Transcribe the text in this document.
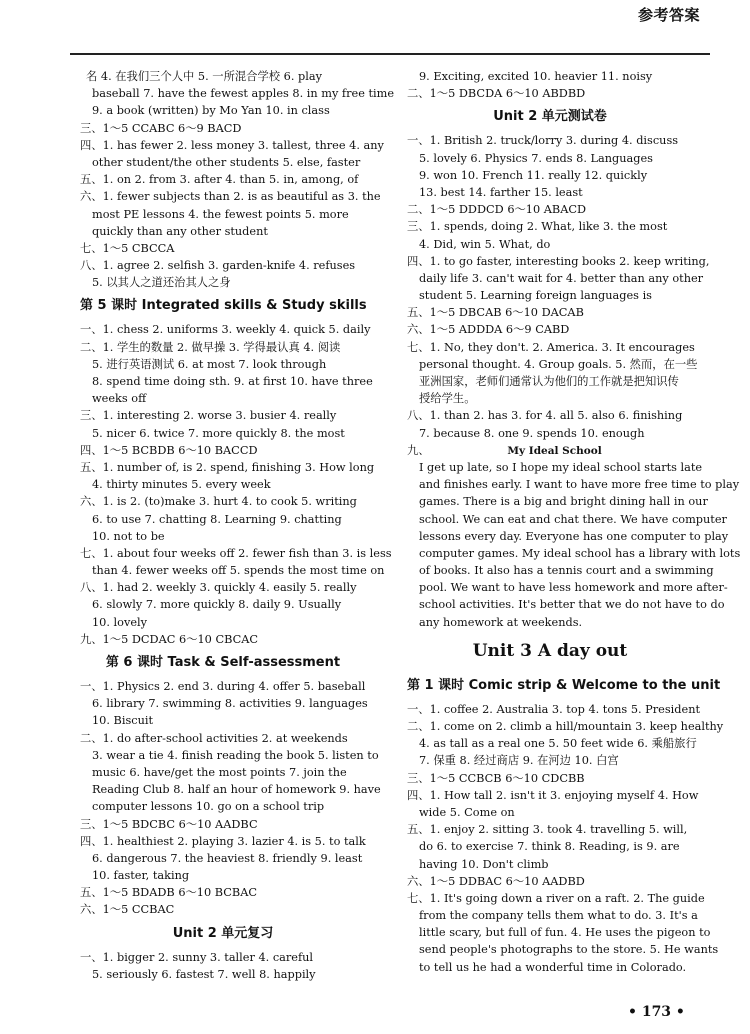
参考答案
名 4. 在我们三个人中 5. 一所混合学校 6. play
baseball 7. have the fewest apples 8. in my free time
9. a book (written) by Mo Yan 10. in class
三、1～5 CCABC 6～9 BACD
四、1. has fewer 2. less money 3. tallest, three 4. any
other student/the other students 5. else, faster
五、1. on 2. from 3. after 4. than 5. in, among, of
六、1. fewer subjects than 2. is as beautiful as 3. the
most PE lessons 4. the fewest points 5. more
quickly than any other student
七、1～5 CBCCA
八、1. agree 2. selfish 3. garden-knife 4. refuses
5. 以其人之道还治其人之身
第 5 课时 Integrated skills & Study skills
一、1. chess 2. uniforms 3. weekly 4. quick 5. daily
二、1. 学生的数量 2. 做早操 3. 学得最认真 4. 阅读
5. 进行英语测试 6. at most 7. look through
8. spend time doing sth. 9. at first 10. have three
weeks off
三、1. interesting 2. worse 3. busier 4. really
5. nicer 6. twice 7. more quickly 8. the most
四、1～5 BCBDB 6～10 BACCD
五、1. number of, is 2. spend, finishing 3. How long
4. thirty minutes 5. every week
六、1. is 2. (to)make 3. hurt 4. to cook 5. writing
6. to use 7. chatting 8. Learning 9. chatting
10. not to be
七、1. about four weeks off 2. fewer fish than 3. is less
than 4. fewer weeks off 5. spends the most time on
八、1. had 2. weekly 3. quickly 4. easily 5. really
6. slowly 7. more quickly 8. daily 9. Usually
10. lovely
九、1～5 DCDAC 6～10 CBCAC
第 6 课时 Task & Self-assessment
一、1. Physics 2. end 3. during 4. offer 5. baseball
6. library 7. swimming 8. activities 9. languages
10. Biscuit
二、1. do after-school activities 2. at weekends
3. wear a tie 4. finish reading the book 5. listen to
music 6. have/get the most points 7. join the
Reading Club 8. half an hour of homework 9. have
computer lessons 10. go on a school trip
三、1～5 BDCBC 6～10 AADBC
四、1. healthiest 2. playing 3. lazier 4. is 5. to talk
6. dangerous 7. the heaviest 8. friendly 9. least
10. faster, taking
五、1～5 BDADB 6～10 BCBAC
六、1～5 CCBAC
Unit 2 单元复习
一、1. bigger 2. sunny 3. taller 4. careful
5. seriously 6. fastest 7. well 8. happily
9. Exciting, excited 10. heavier 11. noisy
二、1～5 DBCDA 6～10 ABDBD
Unit 2 单元测试卷
一、1. British 2. truck/lorry 3. during 4. discuss
5. lovely 6. Physics 7. ends 8. Languages
9. won 10. French 11. really 12. quickly
13. best 14. farther 15. least
二、1～5 DDDCD 6～10 ABACD
三、1. spends, doing 2. What, like 3. the most
4. Did, win 5. What, do
四、1. to go faster, interesting books 2. keep writing,
daily life 3. can't wait for 4. better than any other
student 5. Learning foreign languages is
五、1～5 DBCAB 6～10 DACAB
六、1～5 ADDDA 6～9 CABD
七、1. No, they don't. 2. America. 3. It encourages
personal thought. 4. Group goals. 5. 然而，在一些
亚洲国家，老师们通常认为他们的工作就是把知识传
授给学生。
八、1. than 2. has 3. for 4. all 5. also 6. finishing
7. because 8. one 9. spends 10. enough
九、	My Ideal School
I get up late, so I hope my ideal school starts late
and finishes early. I want to have more free time to play
games. There is a big and bright dining hall in our
school. We can eat and chat there. We have computer
lessons every day. Everyone has one computer to play
computer games. My ideal school has a library with lots
of books. It also has a tennis court and a swimming
pool. We want to have less homework and more after-
school activities. It's better that we do not have to do
any homework at weekends.
Unit 3 A day out
第 1 课时 Comic strip & Welcome to the unit
一、1. coffee 2. Australia 3. top 4. tons 5. President
二、1. come on 2. climb a hill/mountain 3. keep healthy
4. as tall as a real one 5. 50 feet wide 6. 乘船旅行
7. 保重 8. 经过商店 9. 在河边 10. 白宫
三、1～5 CCBCB 6～10 CDCBB
四、1. How tall 2. isn't it 3. enjoying myself 4. How
wide 5. Come on
五、1. enjoy 2. sitting 3. took 4. travelling 5. will,
do 6. to exercise 7. think 8. Reading, is 9. are
having 10. Don't climb
六、1～5 DDBAC 6～10 AADBD
七、1. It's going down a river on a raft. 2. The guide
from the company tells them what to do. 3. It's a
little scary, but full of fun. 4. He uses the pigeon to
send people's photographs to the store. 5. He wants
to tell us he had a wonderful time in Colorado.
• 173 •
